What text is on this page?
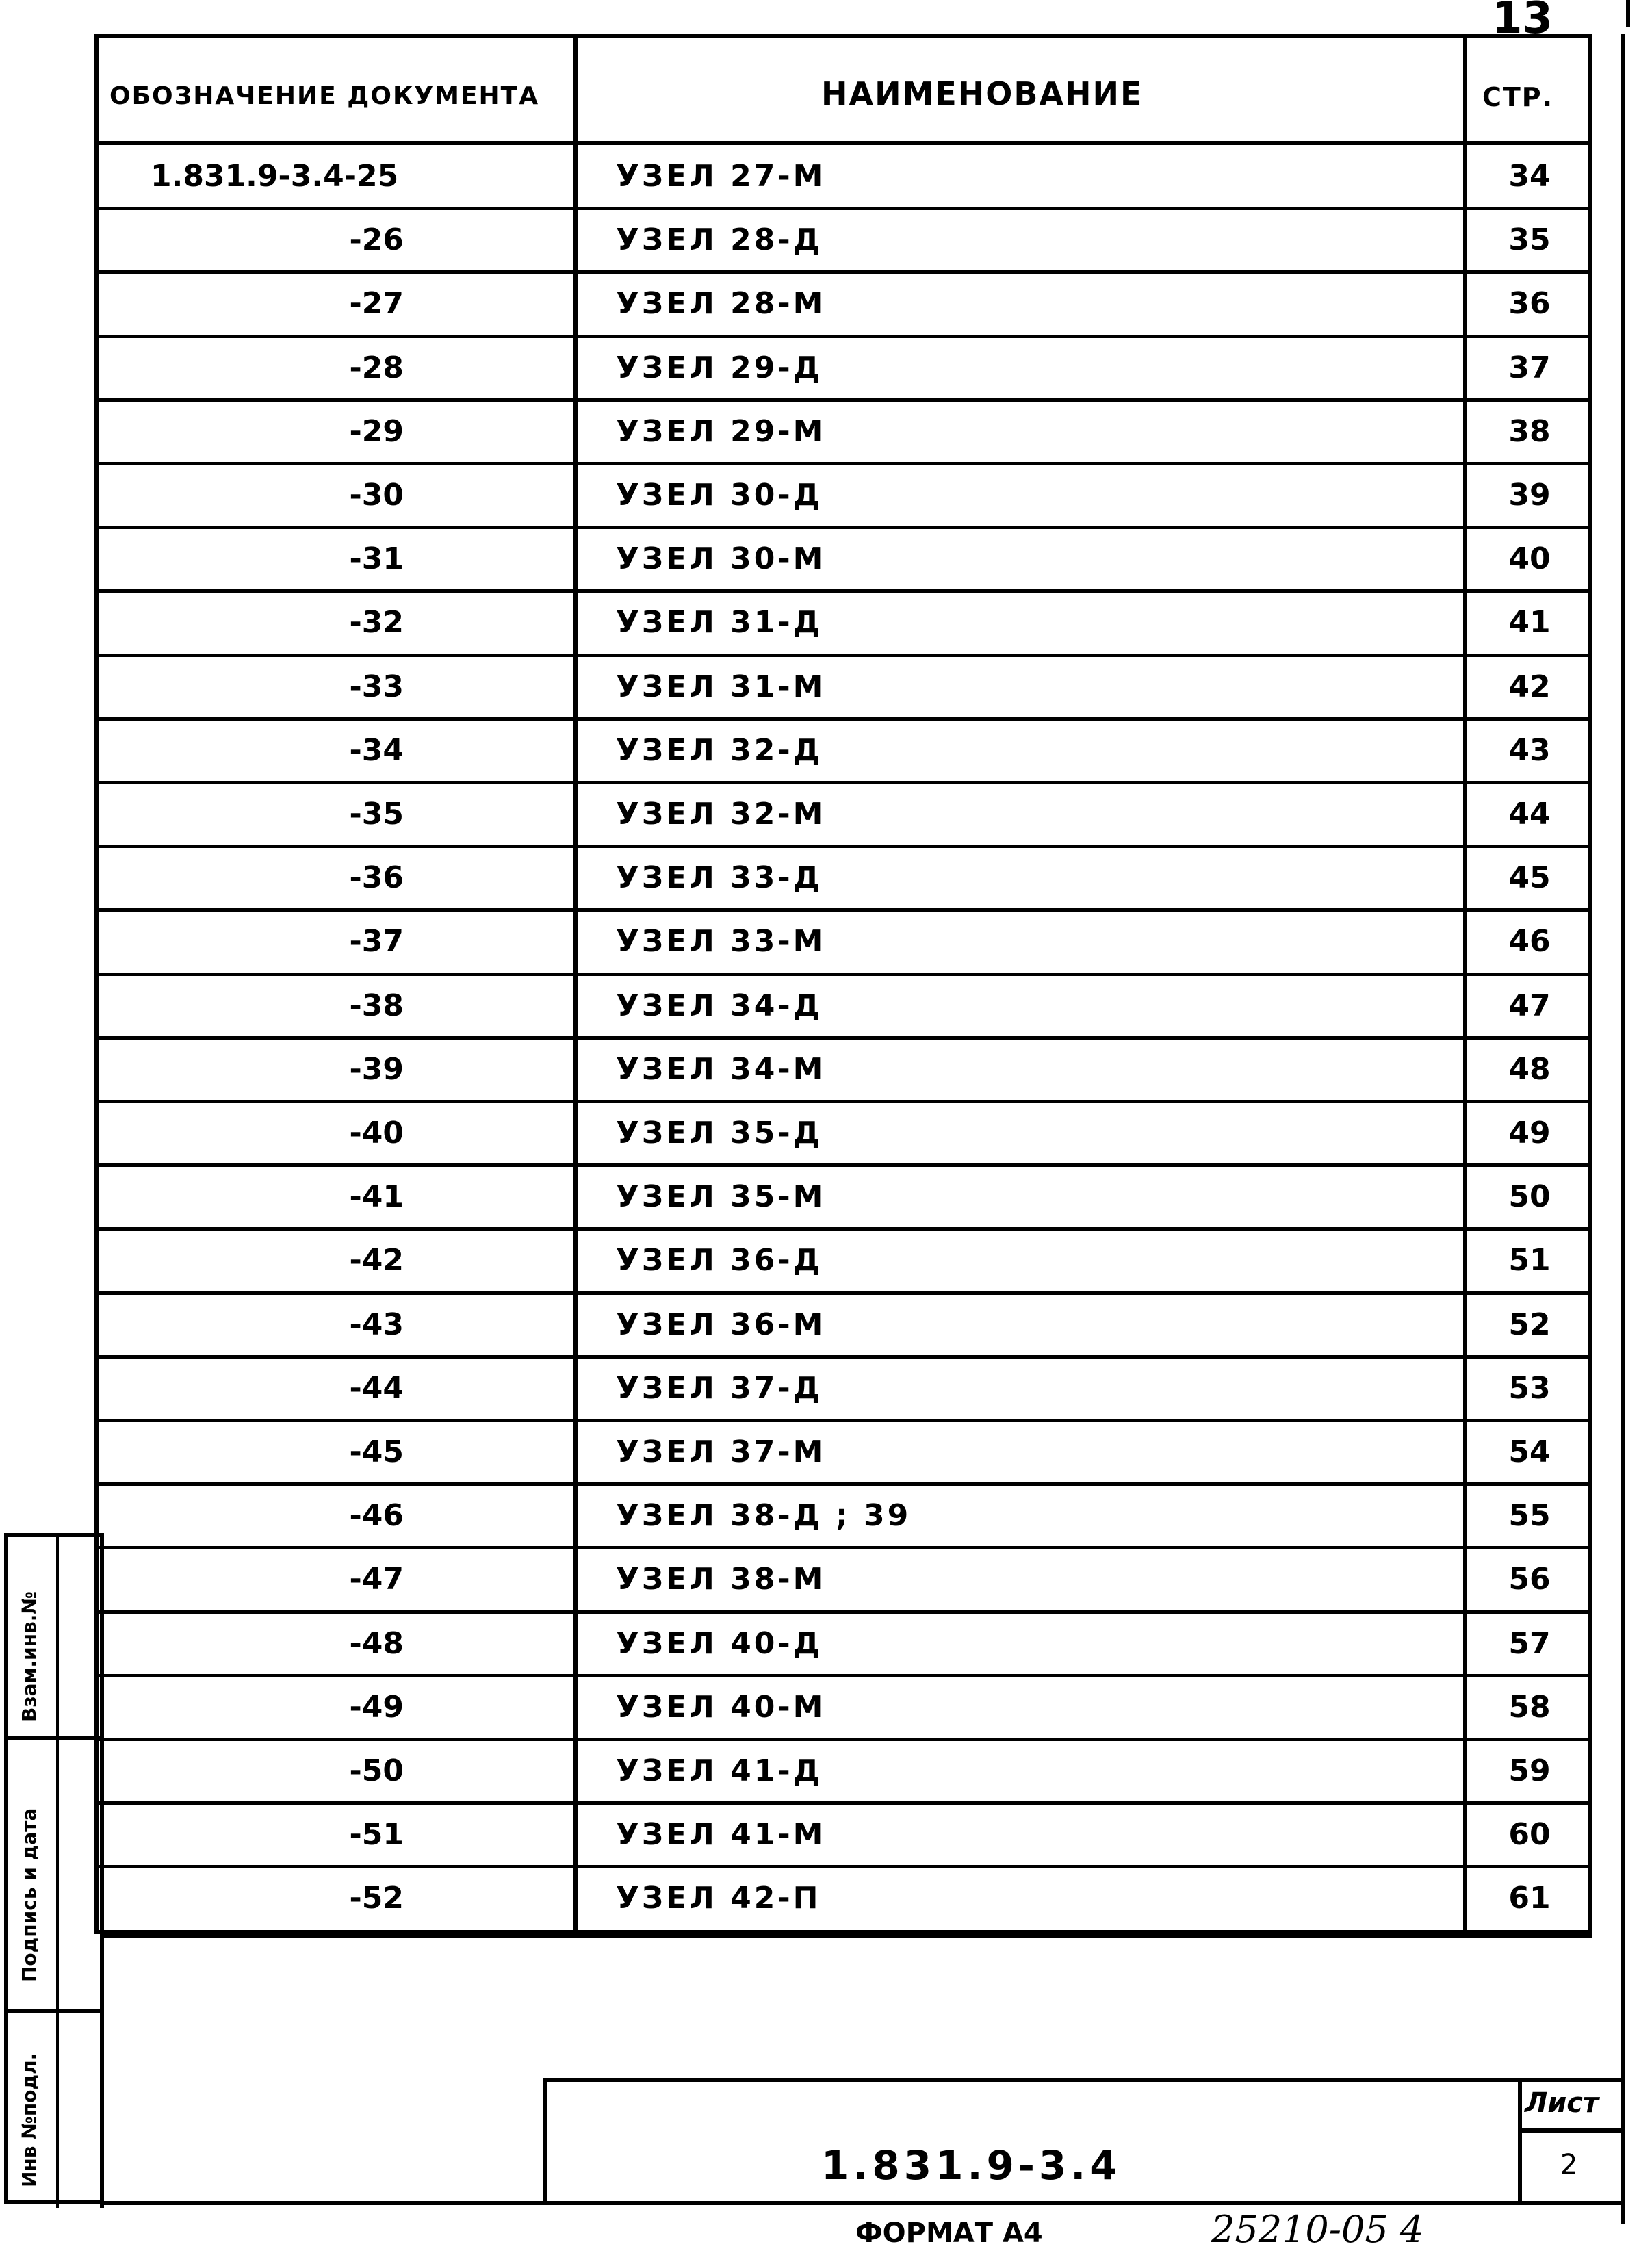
13
ОБОЗНАЧЕНИЕ ДОКУМЕНТА	НАИМЕНОВАНИЕ	СТР.
1.831.9-3.4-25	УЗЕЛ 27-М	34
-26	УЗЕЛ 28-Д	35
-27	УЗЕЛ 28-М	36
-28	УЗЕЛ 29-Д	37
-29	УЗЕЛ 29-М	38
-30	УЗЕЛ 30-Д	39
-31	УЗЕЛ 30-М	40
-32	УЗЕЛ 31-Д	41
-33	УЗЕЛ 31-М	42
-34	УЗЕЛ 32-Д	43
-35	УЗЕЛ 32-М	44
-36	УЗЕЛ 33-Д	45
-37	УЗЕЛ 33-М	46
-38	УЗЕЛ 34-Д	47
-39	УЗЕЛ 34-М	48
-40	УЗЕЛ 35-Д	49
-41	УЗЕЛ 35-М	50
-42	УЗЕЛ 36-Д	51
-43	УЗЕЛ 36-М	52
-44	УЗЕЛ 37-Д	53
-45	УЗЕЛ 37-М	54
-46	УЗЕЛ 38-Д ; 39	55
-47	УЗЕЛ 38-М	56
-48	УЗЕЛ 40-Д	57
-49	УЗЕЛ 40-М	58
-50	УЗЕЛ 41-Д	59
-51	УЗЕЛ 41-М	60
-52	УЗЕЛ 42-П	61
Взам.инв.№
Подпись и дата
Инв №подл.	1.831.9-3.4
Лист
2
ФОРМАТ А4	25210-05 4
